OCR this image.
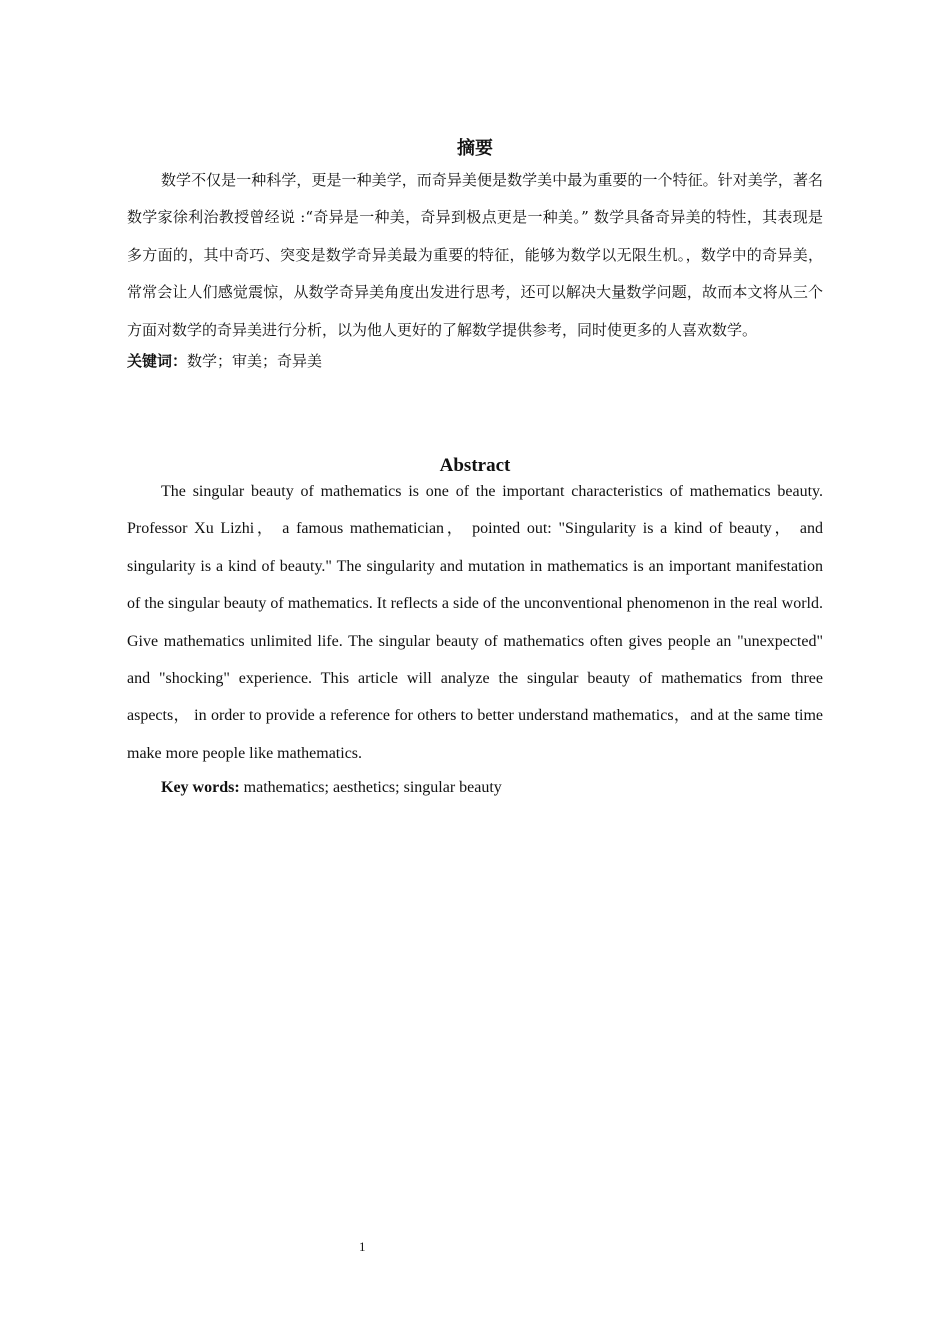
摘要

数学不仅是一种科学，更是一种美学，而奇异美便是数学美中最为重要的一个特征。针对美学，著名数学家徐利治教授曾经说 :“奇异是一种美，奇异到极点更是一种美。” 数学具备奇异美的特性，其表现是多方面的，其中奇巧、突变是数学奇异美最为重要的特征，能够为数学以无限生机。，数学中的奇异美，常常会让人们感觉震惊，从数学奇异美角度出发进行思考，还可以解决大量数学问题，故而本文将从三个方面对数学的奇异美进行分析，以为他人更好的了解数学提供参考，同时使更多的人喜欢数学。

关键词：数学；审美；奇异美

Abstract

The singular beauty of mathematics is one of the important characteristics of mathematics beauty. Professor Xu Lizhi， a famous mathematician， pointed out: "Singularity is a kind of beauty， and singularity is a kind of beauty." The singularity and mutation in mathematics is an important manifestation of the singular beauty of mathematics. It reflects a side of the unconventional phenomenon in the real world. Give mathematics unlimited life. The singular beauty of mathematics often gives people an "unexpected" and "shocking" experience. This article will analyze the singular beauty of mathematics from three aspects， in order to provide a reference for others to better understand mathematics，and at the same time make more people like mathematics.

Key words: mathematics; aesthetics; singular beauty

1
